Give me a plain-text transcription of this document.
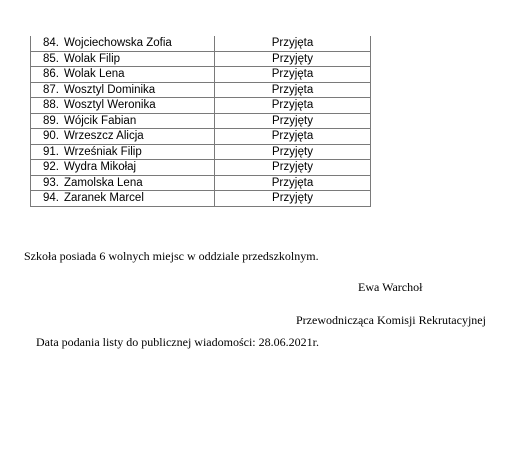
84.	Wojciechowska Zofia	Przyjęta
85.	Wolak Filip	Przyjęty
86.	Wolak Lena	Przyjęta
87.	Wosztyl Dominika	Przyjęta
88.	Wosztyl Weronika	Przyjęta
89.	Wójcik Fabian	Przyjęty
90.	Wrzeszcz Alicja	Przyjęta
91.	Wrześniak Filip	Przyjęty
92.	Wydra Mikołaj	Przyjęty
93.	Zamolska Lena	Przyjęta
94.	Zaranek Marcel	Przyjęty
Szkoła posiada 6 wolnych miejsc w oddziale przedszkolnym.
Ewa Warchoł
Przewodnicząca Komisji Rekrutacyjnej
Data podania listy do publicznej wiadomości: 28.06.2021r.
